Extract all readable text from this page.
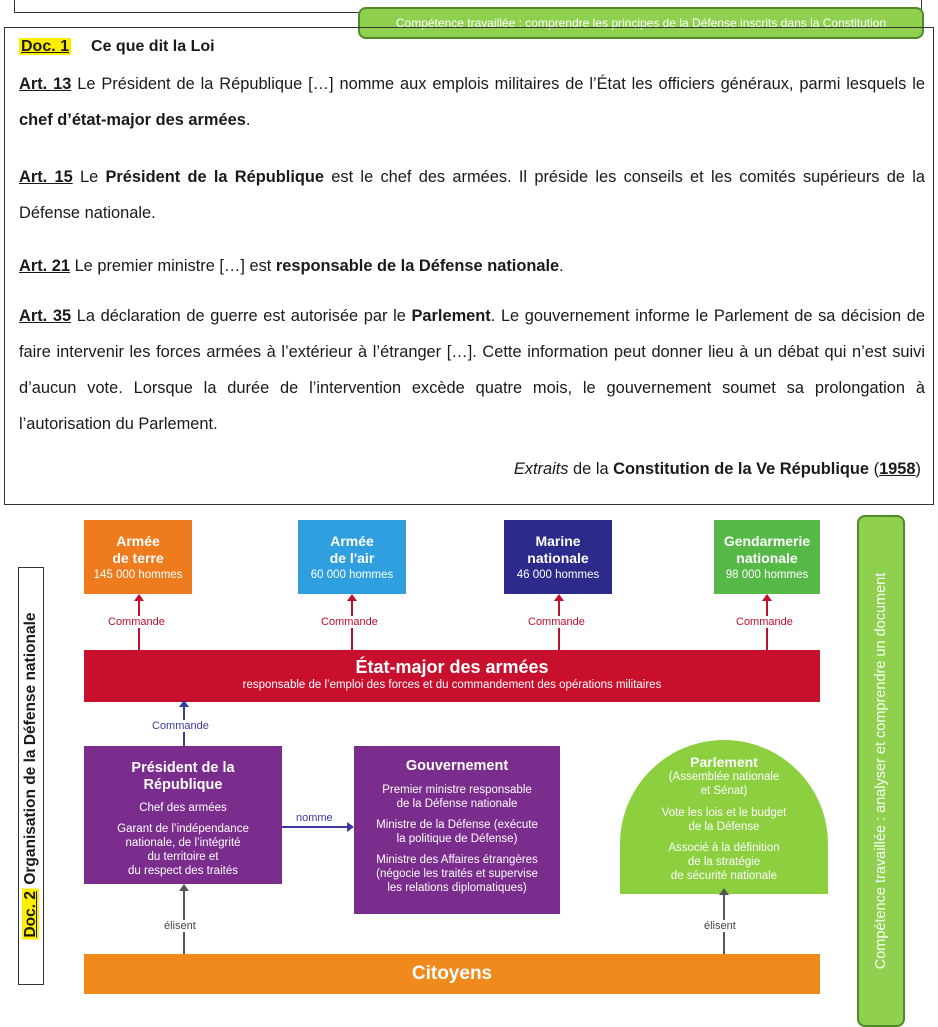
Compétence travaillée : comprendre les principes de la Défense inscrits dans la Constitution
Doc. 1 Ce que dit la Loi
Art. 13 Le Président de la République […] nomme aux emplois militaires de l’État les officiers généraux, parmi lesquels le chef d’état-major des armées.
Art. 15 Le Président de la République est le chef des armées. Il préside les conseils et les comités supérieurs de la Défense nationale.
Art. 21 Le premier ministre […] est responsable de la Défense nationale.
Art. 35 La déclaration de guerre est autorisée par le Parlement. Le gouvernement informe le Parlement de sa décision de faire intervenir les forces armées à l’extérieur à l’étranger […]. Cette information peut donner lieu à un débat qui n’est suivi d’aucun vote. Lorsque la durée de l’intervention excède quatre mois, le gouvernement soumet sa prolongation à l’autorisation du Parlement.
Extraits de la Constitution de la Ve République (1958)
Doc. 2 Organisation de la Défense nationale	Compétence travaillée : analyser et comprendre un document
Armée
de terre
145 000 hommes
Armée
de l'air
60 000 hommes
Marine
nationale
46 000 hommes
Gendarmerie
nationale
98 000 hommes
Commande	Commande	Commande	Commande
État-major des armées
responsable de l’emploi des forces et du commandement des opérations militaires
Commande
Président de la
République
Chef des armées
Garant de l’indépendance
nationale, de l’intégrité
du territoire et
du respect des traités
nomme
Gouvernement
Premier ministre responsable
de la Défense nationale
Ministre de la Défense (exécute
la politique de Défense)
Ministre des Affaires étrangères
(négocie les traités et supervise
les relations diplomatiques)
Parlement
(Assemblée nationale
et Sénat)
Vote les lois et le budget
de la Défense
Associé à la définition
de la stratégie
de sécurité nationale
élisent	élisent
Citoyens
